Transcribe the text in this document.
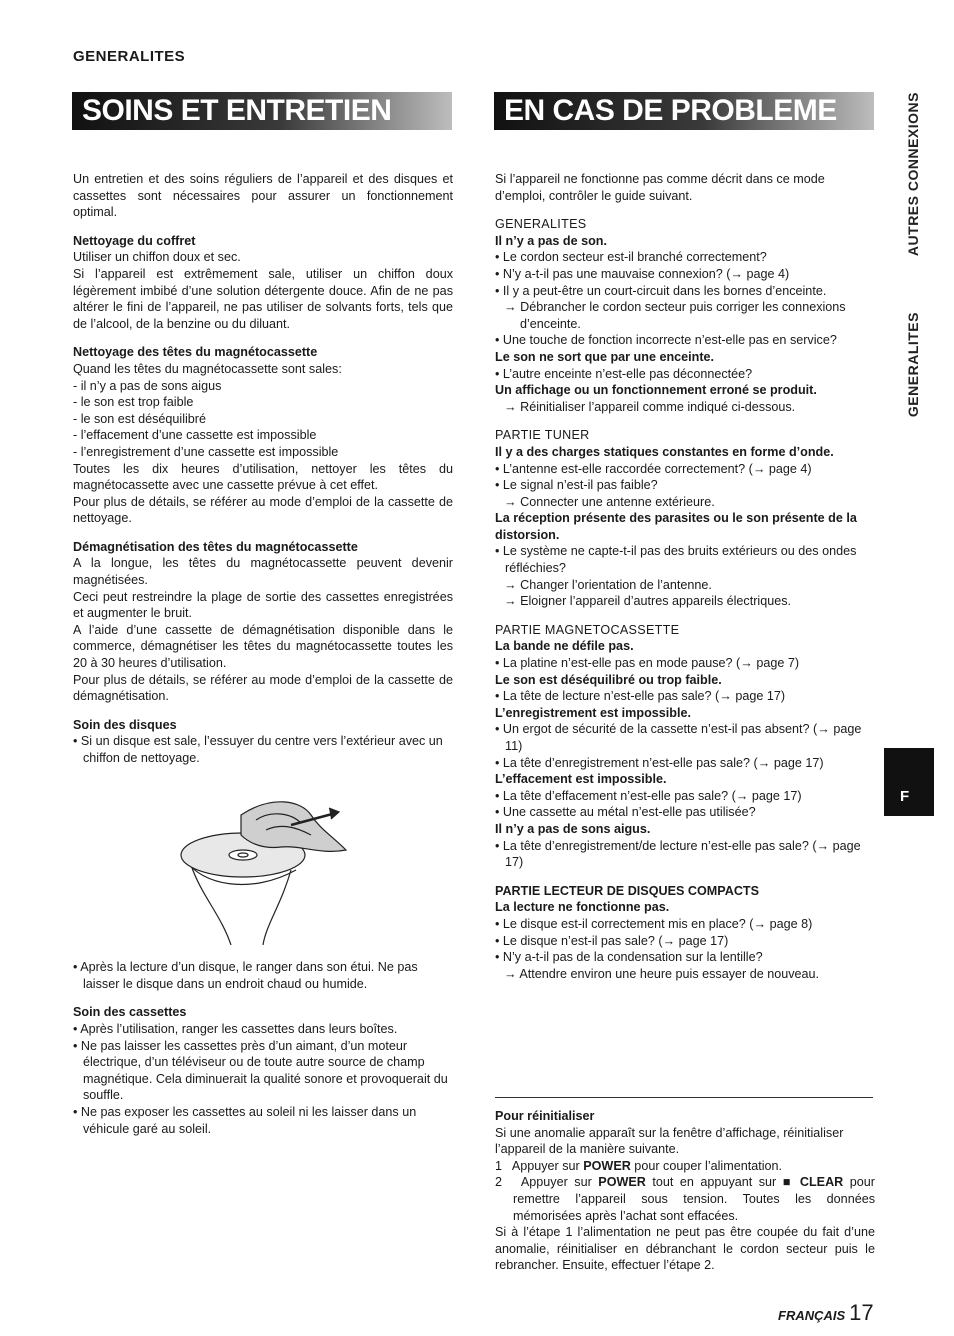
GENERALITES
SOINS ET ENTRETIEN	EN CAS DE PROBLEME

Un entretien et des soins réguliers de l’appareil et des disques et cassettes sont nécessaires pour assurer un fonctionnement optimal.

Nettoyage du coffret

Utiliser un chiffon doux et sec.

Si l’appareil est extrêmement sale, utiliser un chiffon doux légèrement imbibé d’une solution détergente douce. Afin de ne pas altérer le fini de l’appareil, ne pas utiliser de solvants forts, tels que de l’alcool, de la benzine ou du diluant.

Nettoyage des têtes du magnétocassette

Quand les têtes du magnétocassette sont sales:

- il n’y a pas de sons aigus

- le son est trop faible

- le son est déséquilibré

- l’effacement d’une cassette est impossible

- l’enregistrement d’une cassette est impossible

Toutes les dix heures d’utilisation, nettoyer les têtes du magnétocassette avec une cassette prévue à cet effet.

Pour plus de détails, se référer au mode d’emploi de la cassette de nettoyage.

Démagnétisation des têtes du magnétocassette

A la longue, les têtes du magnétocassette peuvent devenir magnétisées.

Ceci peut restreindre la plage de sortie des cassettes enregistrées et augmenter le bruit.

A l’aide d’une cassette de démagnétisation disponible dans le commerce, démagnétiser les têtes du magnétocassette toutes les 20 à 30 heures d’utilisation.

Pour plus de détails, se référer au mode d’emploi de la cassette de démagnétisation.

Soin des disques

• Si un disque est sale, l’essuyer du centre vers l’extérieur avec un chiffon de nettoyage.

• Après la lecture d’un disque, le ranger dans son étui. Ne pas laisser le disque dans un endroit chaud ou humide.

Soin des cassettes

• Après l’utilisation, ranger les cassettes dans leurs boîtes.

• Ne pas laisser les cassettes près d’un aimant, d’un moteur électrique, d’un téléviseur ou de toute autre source de champ magnétique. Cela diminuerait la qualité sonore et provoquerait du souffle.

• Ne pas exposer les cassettes au soleil ni les laisser dans un véhicule garé au soleil.

Si l’appareil ne fonctionne pas comme décrit dans ce mode d’emploi, contrôler le guide suivant.

GENERALITES

Il n’y a pas de son.

• Le cordon secteur est-il branché correctement?

• N’y a-t-il pas une mauvaise connexion? (→ page 4)

• Il y a peut-être un court-circuit dans les bornes d’enceinte.

→ Débrancher le cordon secteur puis corriger les connexions d’enceinte.

• Une touche de fonction incorrecte n’est-elle pas en service?

Le son ne sort que par une enceinte.

• L’autre enceinte n’est-elle pas déconnectée?

Un affichage ou un fonctionnement erroné se produit.

→ Réinitialiser l’appareil comme indiqué ci-dessous.

PARTIE TUNER

Il y a des charges statiques constantes en forme d’onde.

• L’antenne est-elle raccordée correctement? (→ page 4)

• Le signal n’est-il pas faible?

→ Connecter une antenne extérieure.

La réception présente des parasites ou le son présente de la distorsion.

• Le système ne capte-t-il pas des bruits extérieurs ou des ondes réfléchies?

→ Changer l’orientation de l’antenne.

→ Eloigner l’appareil d’autres appareils électriques.

PARTIE MAGNETOCASSETTE

La bande ne défile pas.

• La platine n’est-elle pas en mode pause? (→ page 7)

Le son est déséquilibré ou trop faible.

• La tête de lecture n’est-elle pas sale? (→ page 17)

L’enregistrement est impossible.

• Un ergot de sécurité de la cassette n’est-il pas absent? (→ page 11)

• La tête d’enregistrement n’est-elle pas sale? (→ page 17)

L’effacement est impossible.

• La tête d’effacement n’est-elle pas sale? (→ page 17)

• Une cassette au métal n’est-elle pas utilisée?

Il n’y a pas de sons aigus.

• La tête d’enregistrement/de lecture n’est-elle pas sale? (→ page 17)

PARTIE LECTEUR DE DISQUES COMPACTS

La lecture ne fonctionne pas.

• Le disque est-il correctement mis en place? (→ page 8)

• Le disque n’est-il pas sale? (→ page 17)

• N’y a-t-il pas de la condensation sur la lentille?

→ Attendre environ une heure puis essayer de nouveau.

Pour réinitialiser

Si une anomalie apparaît sur la fenêtre d’affichage, réinitialiser l’appareil de la manière suivante.

1 Appuyer sur POWER pour couper l’alimentation.

2 Appuyer sur POWER tout en appuyant sur ■ CLEAR pour remettre l’appareil sous tension. Toutes les données mémorisées après l’achat sont effacées.

Si à l’étape 1 l’alimentation ne peut pas être coupée du fait d’une anomalie, réinitialiser en débranchant le cordon secteur puis le rebrancher. Ensuite, effectuer l’étape 2.

AUTRES CONNEXIONS
GENERALITES
F
FRANÇAIS 17
